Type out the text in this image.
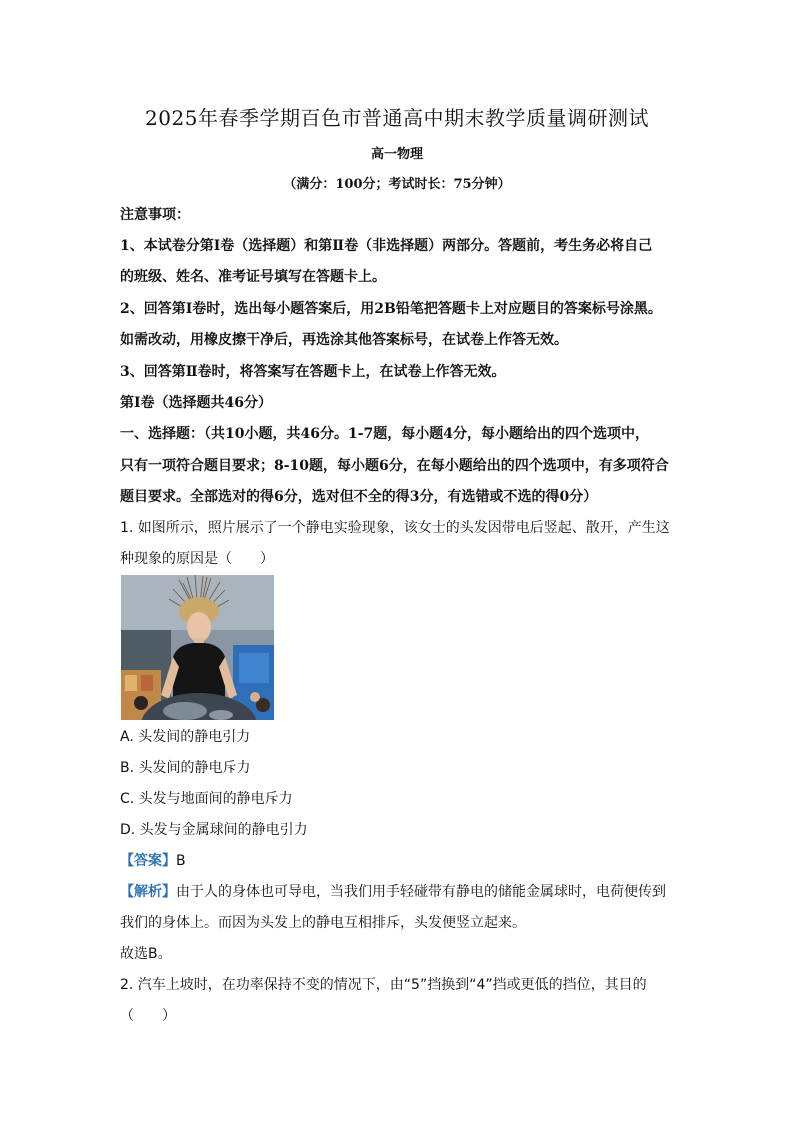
2025年春季学期百色市普通高中期末教学质量调研测试
高一物理
（满分：100分；考试时长：75分钟）
注意事项：
1、本试卷分第Ⅰ卷（选择题）和第Ⅱ卷（非选择题）两部分。答题前，考生务必将自己
的班级、姓名、准考证号填写在答题卡上。
2、回答第Ⅰ卷时，选出每小题答案后，用2B铅笔把答题卡上对应题目的答案标号涂黑。
如需改动，用橡皮擦干净后，再选涂其他答案标号，在试卷上作答无效。
3、回答第Ⅱ卷时，将答案写在答题卡上，在试卷上作答无效。
第Ⅰ卷（选择题共46分）
一、选择题：（共10小题，共46分。1-7题，每小题4分，每小题给出的四个选项中，
只有一项符合题目要求；8-10题，每小题6分，在每小题给出的四个选项中，有多项符合
题目要求。全部选对的得6分，选对但不全的得3分，有选错或不选的得0分）
1. 如图所示，照片展示了一个静电实验现象，该女士的头发因带电后竖起、散开，产生这
种现象的原因是（　　）
A. 头发间的静电引力
B. 头发间的静电斥力
C. 头发与地面间的静电斥力
D. 头发与金属球间的静电引力
【答案】B
【解析】由于人的身体也可导电，当我们用手轻碰带有静电的储能金属球时，电荷便传到
我们的身体上。而因为头发上的静电互相排斥，头发便竖立起来。
故选B。
2. 汽车上坡时，在功率保持不变的情况下，由“5”挡换到“4”挡或更低的挡位，其目的
（　　）
